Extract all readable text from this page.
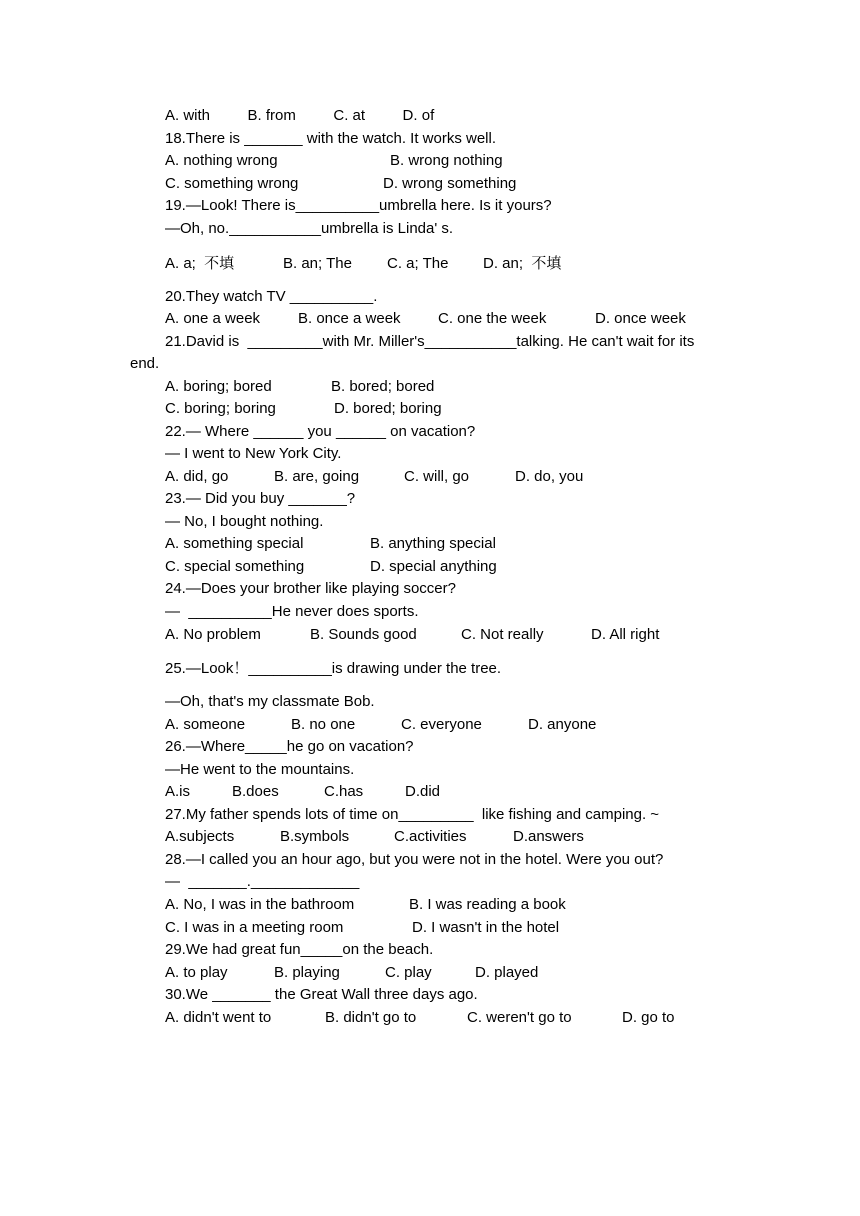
A. with         B. from         C. at         D. of
18.There is _______ with the watch. It works well.
A. nothing wrong	B. wrong nothing
C. something wrong	D. wrong something
19.—Look! There is__________umbrella here. Is it yours?
—Oh, no.___________umbrella is Linda' s.
A. a;  不填	B. an; The C. a; The D. an;  不填
20.They watch TV __________.
A. one a week	B. once a week C. one the week	D. once week
21.David is  _________with Mr. Miller's___________talking. He can't wait for its
end.
A. boring; bored	B. bored; bored
C. boring; boring	D. bored; boring
22.— Where ______ you ______ on vacation?
— I went to New York City.
A. did, go	B. are, going	C. will, go	D. do, you
23.— Did you buy _______?
— No, I bought nothing.
A. something special	B. anything special
C. special something	D. special anything
24.—Does your brother like playing soccer?
—  __________He never does sports.
A. No problem	B. Sounds good	C. Not really	D. All right
25.—Look！__________is drawing under the tree.
—Oh, that's my classmate Bob.
A. someone	B. no one	C. everyone	D. anyone
26.—Where_____he go on vacation?
—He went to the mountains.
A.is	B.does	C.has	D.did
27.My father spends lots of time on_________  like fishing and camping. ~
A.subjects	B.symbols	C.activities	D.answers
28.—I called you an hour ago, but you were not in the hotel. Were you out?
—  _______._____________
A. No, I was in the bathroom	B. I was reading a book
C. I was in a meeting room	D. I wasn't in the hotel
29.We had great fun_____on the beach.
A. to play	B. playing	C. play	D. played
30.We _______ the Great Wall three days ago.
A. didn't went to	B. didn't go to	C. weren't go to	D. go to
